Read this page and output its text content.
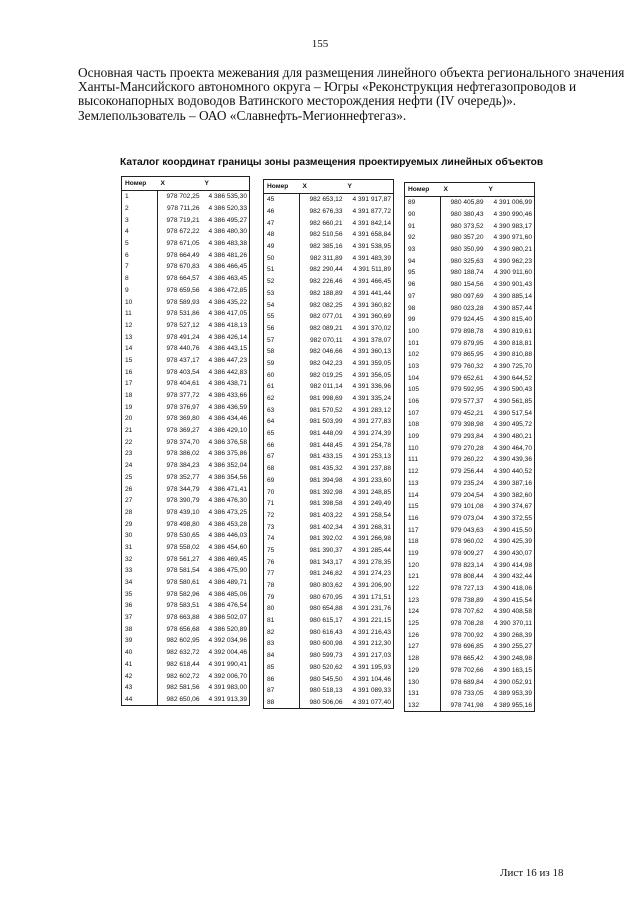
155
Основная часть проекта межевания для размещения линейного объекта регионального значения
Ханты-Мансийского автономного округа – Югры «Реконструкция нефтегазопроводов и
высоконапорных водоводов Ватинского месторождения нефти (IV очередь)».
Землепользователь – ОАО «Славнефть-Мегионнефтегаз».
Каталог координат границы зоны размещения проектируемых линейных объектов
Номер	X	Y
1	978 702,25	4 386 535,30
2	978 711,26	4 386 520,33
3	978 719,21	4 386 495,27
4	978 672,22	4 386 480,30
5	978 671,05	4 386 483,38
6	978 664,49	4 386 481,26
7	978 670,83	4 386 466,45
8	978 664,57	4 386 463,45
9	978 659,56	4 386 472,85
10	978 589,93	4 386 435,22
11	978 531,86	4 386 417,05
12	978 527,12	4 386 418,13
13	978 491,24	4 386 426,14
14	978 440,76	4 386 443,15
15	978 437,17	4 386 447,23
16	978 403,54	4 386 442,83
17	978 404,61	4 386 438,71
18	978 377,72	4 386 433,66
19	978 376,97	4 386 436,59
20	978 369,80	4 386 434,46
21	978 369,27	4 386 429,10
22	978 374,70	4 386 376,58
23	978 386,02	4 386 375,86
24	978 384,23	4 386 352,04
25	978 352,77	4 386 354,56
26	978 344,79	4 386 471,41
27	978 390,79	4 386 476,30
28	978 439,10	4 386 473,25
29	978 498,80	4 386 453,28
30	978 530,65	4 386 446,03
31	978 558,02	4 386 454,60
32	978 561,27	4 386 469,45
33	978 581,54	4 386 475,90
34	978 580,61	4 386 489,71
35	978 582,96	4 386 485,06
36	978 583,51	4 386 476,54
37	978 663,88	4 386 502,07
38	978 656,68	4 386 520,89
39	982 602,95	4 392 034,96
40	982 632,72	4 392 004,46
41	982 618,44	4 391 990,41
42	982 602,72	4 392 006,70
43	982 581,56	4 391 983,00
44	982 650,06	4 391 913,39
Номер	X	Y
45	982 653,12	4 391 917,87
46	982 676,33	4 391 877,72
47	982 660,21	4 391 842,14
48	982 510,56	4 391 658,84
49	982 385,16	4 391 538,95
50	982 311,89	4 391 483,39
51	982 290,44	4 391 511,89
52	982 226,46	4 391 466,45
53	982 188,89	4 391 441,44
54	982 082,25	4 391 360,82
55	982 077,01	4 391 360,69
56	982 089,21	4 391 370,02
57	982 070,11	4 391 378,07
58	982 046,66	4 391 360,13
59	982 042,23	4 391 359,05
60	982 019,25	4 391 356,05
61	982 011,14	4 391 336,96
62	981 998,69	4 391 335,24
63	981 570,52	4 391 283,12
64	981 503,99	4 391 277,83
65	981 448,09	4 391 274,39
66	981 448,45	4 391 254,78
67	981 433,15	4 391 253,13
68	981 435,32	4 391 237,88
69	981 394,98	4 391 233,60
70	981 392,98	4 391 248,85
71	981 398,58	4 391 249,49
72	981 403,22	4 391 258,54
73	981 402,34	4 391 268,31
74	981 392,02	4 391 266,98
75	981 390,37	4 391 285,44
76	981 343,17	4 391 278,35
77	981 246,82	4 391 274,23
78	980 803,62	4 391 206,90
79	980 670,95	4 391 171,51
80	980 654,88	4 391 231,76
81	980 615,17	4 391 221,15
82	980 616,43	4 391 216,43
83	980 600,98	4 391 212,30
84	980 599,73	4 391 217,03
85	980 520,62	4 391 195,93
86	980 545,50	4 391 104,46
87	980 518,13	4 391 089,33
88	980 506,06	4 391 077,40
Номер	X	Y
89	980 405,89	4 391 006,99
90	980 380,43	4 390 990,46
91	980 373,52	4 390 983,17
92	980 357,20	4 390 971,60
93	980 350,99	4 390 980,21
94	980 325,63	4 390 962,23
95	980 188,74	4 390 911,60
96	980 154,56	4 390 901,43
97	980 097,69	4 390 885,14
98	980 023,28	4 390 857,44
99	979 924,45	4 390 815,40
100	979 898,78	4 390 819,61
101	979 879,95	4 390 818,81
102	979 865,95	4 390 810,88
103	979 760,32	4 390 725,70
104	979 652,61	4 390 644,52
105	979 592,95	4 390 590,43
106	979 577,37	4 390 561,85
107	979 452,21	4 390 517,54
108	979 398,98	4 390 495,72
109	979 293,84	4 390 480,21
110	979 270,28	4 390 464,70
111	979 260,22	4 390 439,36
112	979 256,44	4 390 440,52
113	979 235,24	4 390 387,16
114	979 204,54	4 390 382,60
115	979 101,08	4 390 374,67
116	979 073,04	4 390 372,55
117	979 043,63	4 390 415,50
118	978 960,02	4 390 425,39
119	978 909,27	4 390 430,07
120	978 823,14	4 390 414,98
121	978 808,44	4 390 432,44
122	978 727,13	4 390 418,06
123	978 738,89	4 390 415,54
124	978 707,62	4 390 408,58
125	978 708,28	4 390 370,11
126	978 700,92	4 390 268,39
127	978 696,85	4 390 255,27
128	978 665,42	4 390 248,98
129	978 702,66	4 390 163,15
130	978 689,84	4 390 052,91
131	978 733,05	4 389 953,39
132	978 741,98	4 389 955,16
Лист 16 из 18
